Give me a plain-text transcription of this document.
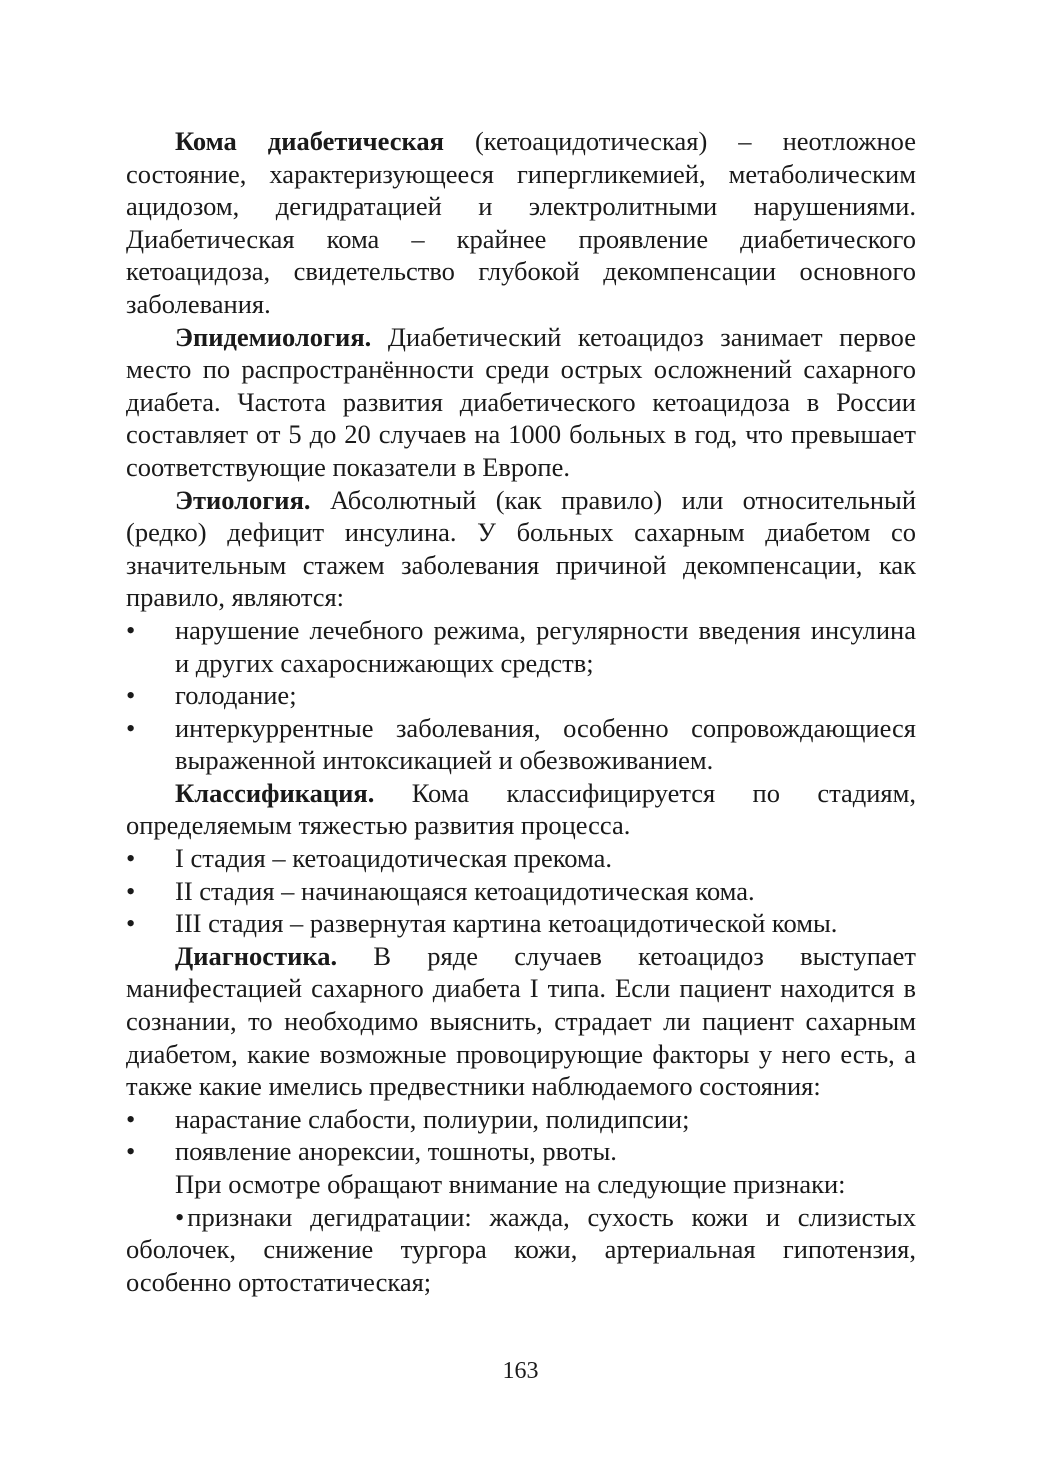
Кома диабетическая (кетоацидотическая) – неотложное состояние, характеризующееся гипергликемией, метаболическим ацидозом, дегидратацией и электролитными нарушениями. Диабетическая кома – крайнее проявление диабетического кетоацидоза, свидетельство глубокой декомпенсации основного заболевания.

Эпидемиология. Диабетический кетоацидоз занимает первое место по распространённости среди острых осложнений сахарного диабета. Частота развития диабетического кетоацидоза в России составляет от 5 до 20 случаев на 1000 больных в год, что превышает соответствующие показатели в Европе.

Этиология. Абсолютный (как правило) или относительный (редко) дефицит инсулина. У больных сахарным диабетом со значительным стажем заболевания причиной декомпенсации, как правило, являются:

•	нарушение лечебного режима, регулярности введения инсулина и других сахароснижающих средств;
•	голодание;
•	интеркуррентные заболевания, особенно сопровождающиеся выраженной интоксикацией и обезвоживанием.

Классификация. Кома классифицируется по стадиям, определяемым тяжестью развития процесса.

•	I стадия – кетоацидотическая прекома.
•	II стадия – начинающаяся кетоацидотическая кома.
•	III стадия – развернутая картина кетоацидотической комы.

Диагностика. В ряде случаев кетоацидоз выступает манифестацией сахарного диабета I типа. Если пациент находится в сознании, то необходимо выяснить, страдает ли пациент сахарным диабетом, какие возможные провоцирующие факторы у него есть, а также какие имелись предвестники наблюдаемого состояния:

•	нарастание слабости, полиурии, полидипсии;
•	появление анорексии, тошноты, рвоты.

При осмотре обращают внимание на следующие признаки:

• признаки дегидратации: жажда, сухость кожи и слизистых оболочек, снижение тургора кожи, артериальная гипотензия, особенно ортостатическая;

163
